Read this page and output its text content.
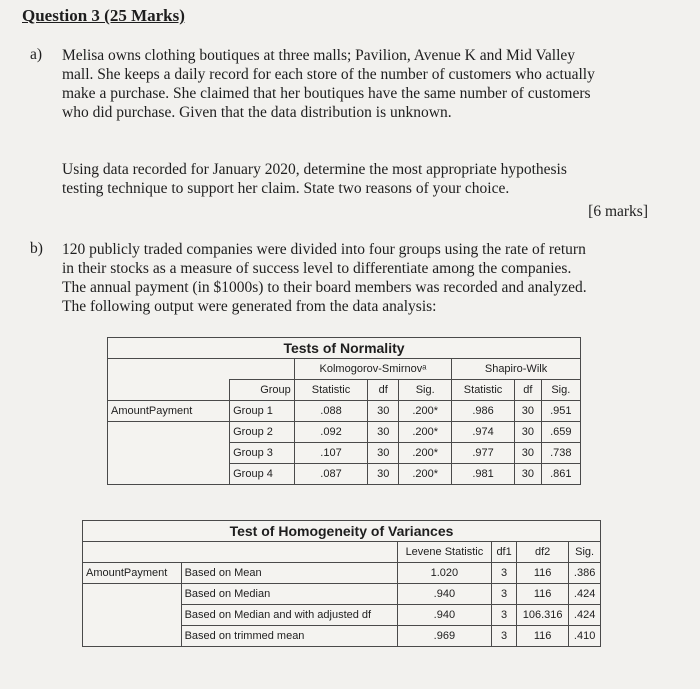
Question 3 (25 Marks)
a) Melisa owns clothing boutiques at three malls; Pavilion, Avenue K and Mid Valley
mall. She keeps a daily record for each store of the number of customers who actually
make a purchase. She claimed that her boutiques have the same number of customers
who did purchase. Given that the data distribution is unknown.
Using data recorded for January 2020, determine the most appropriate hypothesis
testing technique to support her claim. State two reasons of your choice.
[6 marks]
b) 120 publicly traded companies were divided into four groups using the rate of return
in their stocks as a measure of success level to differentiate among the companies.
The annual payment (in $1000s) to their board members was recorded and analyzed.
The following output were generated from the data analysis:
Tests of Normality							
		Kolmogorov-Smirnovᵃ			Shapiro-Wilk		
	Group	Statistic	df	Sig.	Statistic	df	Sig.
AmountPayment	Group 1	.088	30	.200*	.986	30	.951
	Group 2	.092	30	.200*	.974	30	.659
	Group 3	.107	30	.200*	.977	30	.738
	Group 4	.087	30	.200*	.981	30	.861
Test of Homogeneity of Variances					
		Levene Statistic	df1	df2	Sig.
AmountPayment	Based on Mean	1.020	3	116	.386
	Based on Median	.940	3	116	.424
	Based on Median and with adjusted df	.940	3	106.316	.424
	Based on trimmed mean	.969	3	116	.410
